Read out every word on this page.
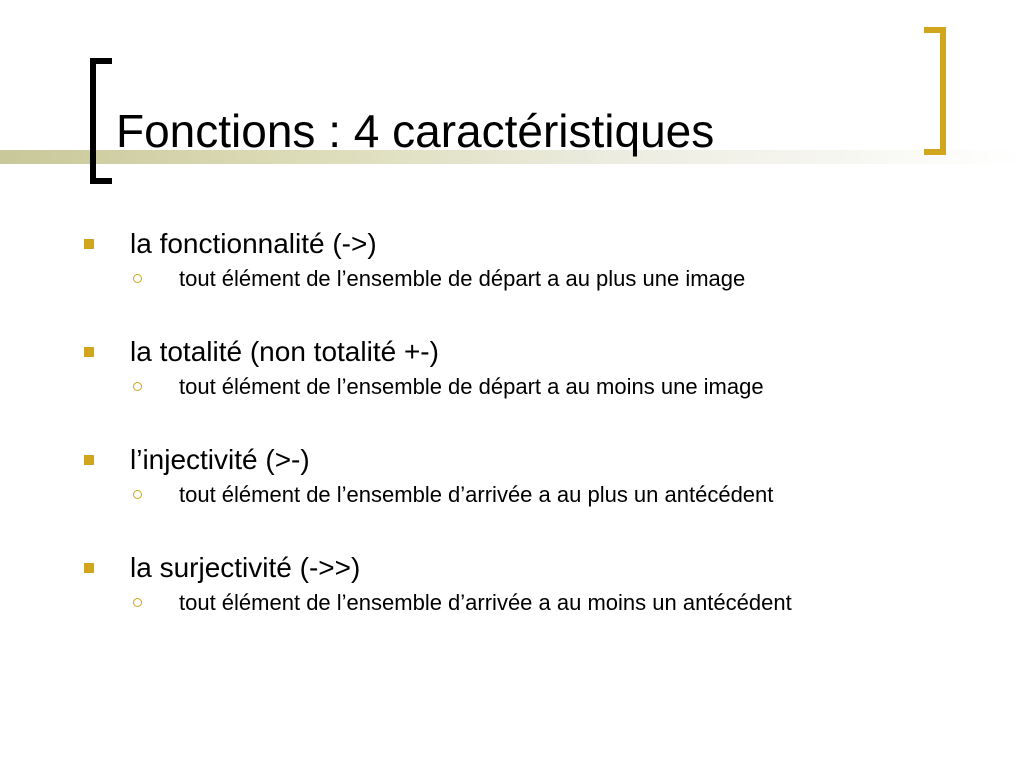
Fonctions : 4 caractéristiques
la fonctionnalité (->)
tout élément de l’ensemble de départ a au plus une image
la totalité (non totalité +-)
tout élément de l’ensemble de départ a au moins une image
l’injectivité (>-)
tout élément de l’ensemble d’arrivée a au plus un antécédent
la surjectivité (->>)
tout élément de l’ensemble d’arrivée a au moins un antécédent
